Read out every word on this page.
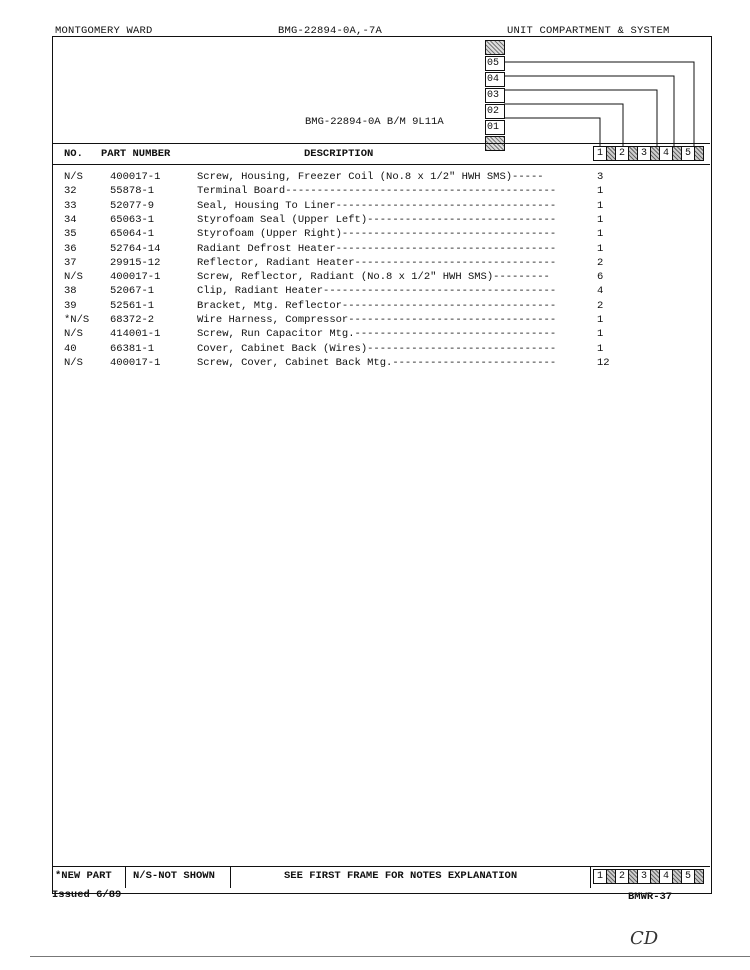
MONTGOMERY WARD	BMG-22894-0A,-7A	UNIT COMPARTMENT & SYSTEM
BMG-22894-0A B/M 9L11A
05
04
03
02
01
NO. PART NUMBER	DESCRIPTION	1	2	3	4	5
N/S	400017-1	Screw, Housing, Freezer Coil (No.8 x 1/2" HWH SMS)-----	3
32	55878-1	Terminal Board-------------------------------------------	1
33	52077-9	Seal, Housing To Liner-----------------------------------	1
34	65063-1	Styrofoam Seal (Upper Left)------------------------------	1
35	65064-1	Styrofoam (Upper Right)----------------------------------	1
36	52764-14	Radiant Defrost Heater-----------------------------------	1
37	29915-12	Reflector, Radiant Heater--------------------------------	2
N/S	400017-1	Screw, Reflector, Radiant (No.8 x 1/2" HWH SMS)---------	6
38	52067-1	Clip, Radiant Heater-------------------------------------	4
39	52561-1	Bracket, Mtg. Reflector----------------------------------	2
*N/S 68372-2	Wire Harness, Compressor---------------------------------	1
N/S	414001-1	Screw, Run Capacitor Mtg.--------------------------------	1
40	66381-1	Cover, Cabinet Back (Wires)------------------------------	1
N/S	400017-1	Screw, Cover, Cabinet Back Mtg.--------------------------	12
*NEW PART N/S-NOT SHOWN	SEE FIRST FRAME FOR NOTES EXPLANATION	1	2	3	4	5
Issued 6/89	BMWR-37
CD
